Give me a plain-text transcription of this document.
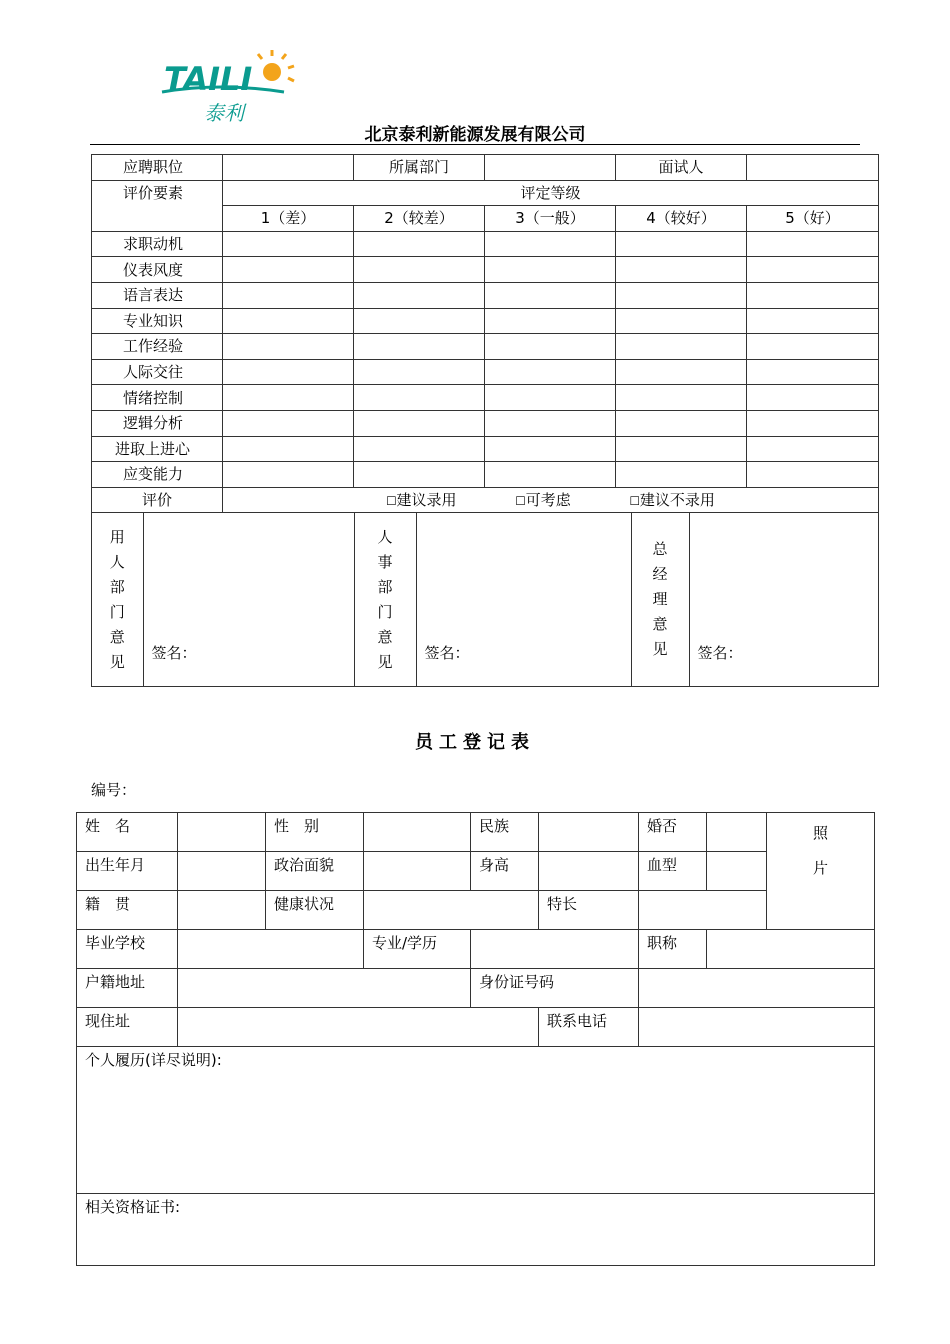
TAILI
泰利
北京泰利新能源发展有限公司
应聘职位		所属部门		面试人	
评价要素	评定等级
1（差）	2（较差）	3（一般）	4（较好）	5（好）
求职动机					
仪表风度					
语言表达					
专业知识					
工作经验					
人际交往					
情绪控制					
逻辑分析					
进取上进心					
应变能力					
评价	□建议录用	□可考虑	□建议不录用

用人部门意见	签名：	
人事部门意见	签名：	
总经理意见	签名：
员工登记表
编号：
姓　名		性　别		民族		婚否		照
片

出生年月		政治面貌		身高		血型		
籍　贯		健康状况			特长			
毕业学校			专业/学历			职称		
户籍地址				身份证号码				
现住址					联系电话			
个人履历(详尽说明):								
相关资格证书:								
